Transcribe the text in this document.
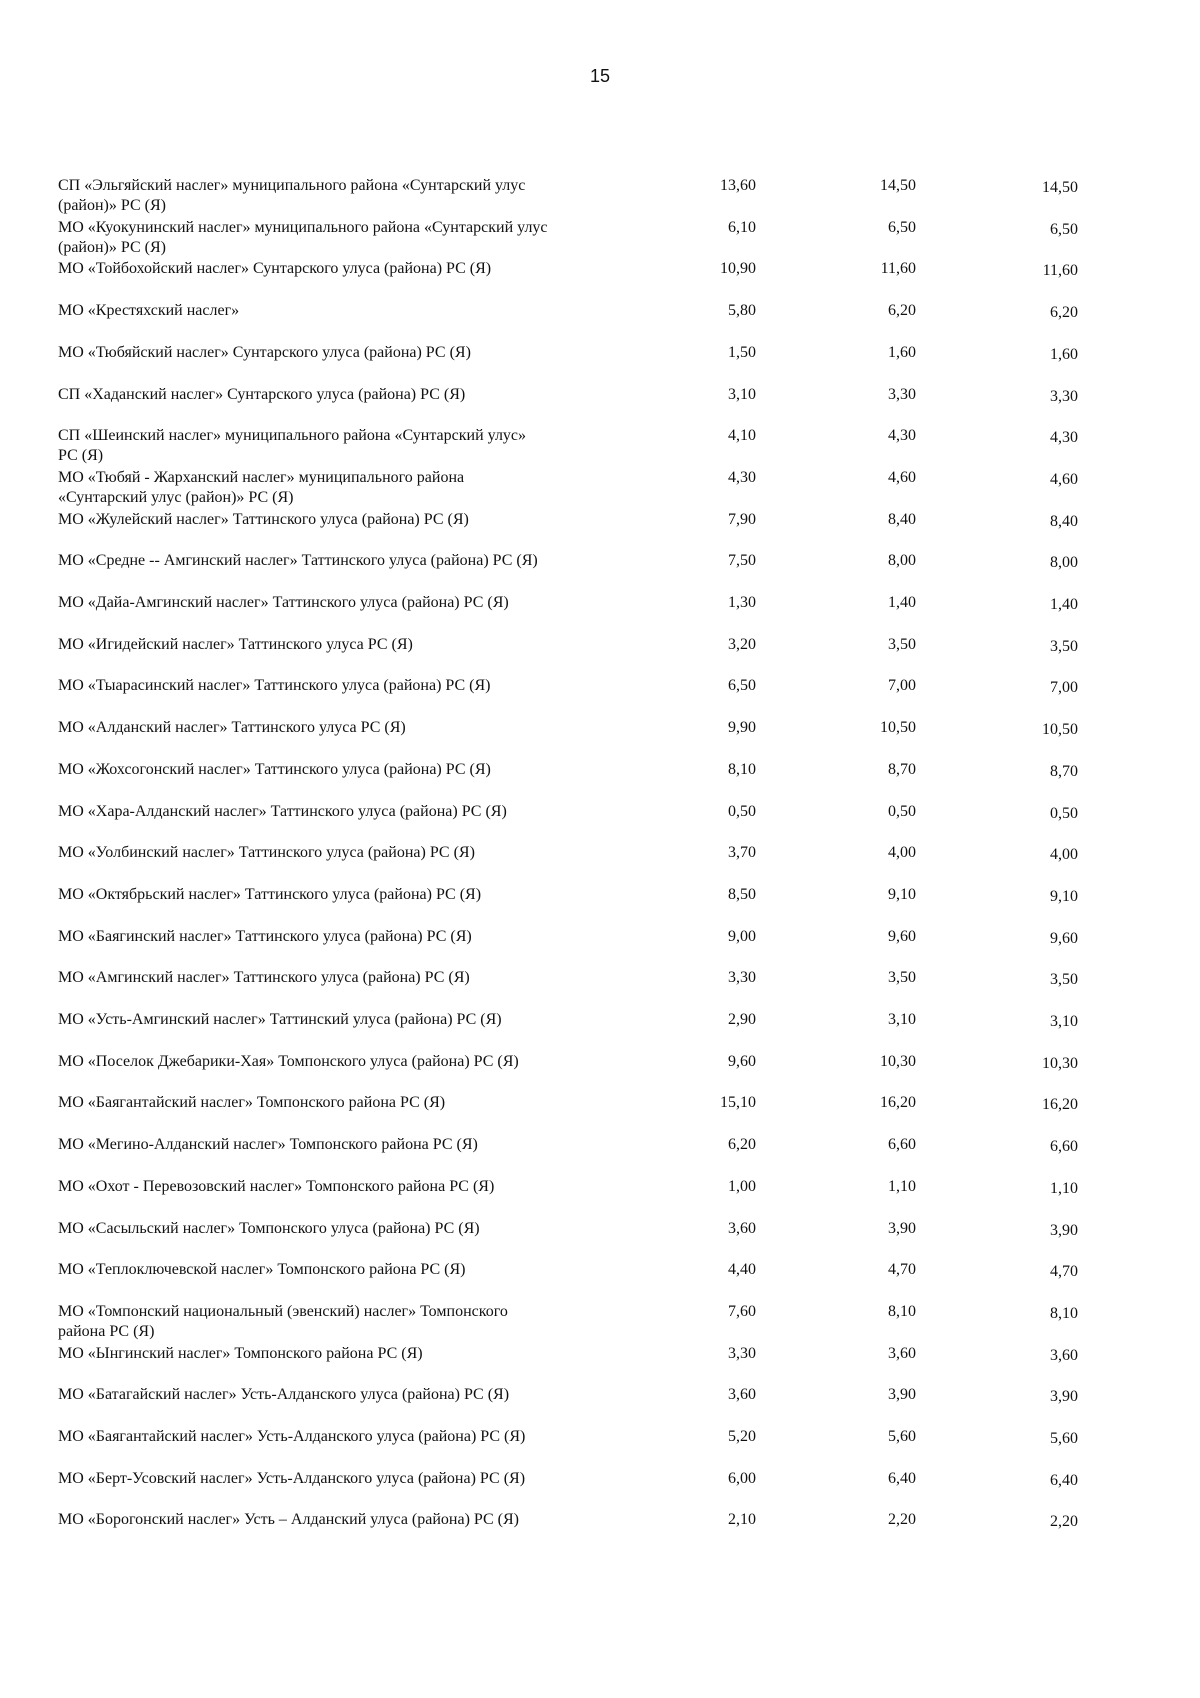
15
СП «Эльгяйский наслег» муниципального района «Сунтарский улус (район)» РС (Я)
13,60	14,50	14,50
МО «Куокунинский наслег» муниципального района «Сунтарский улус (район)» РС (Я)
6,10	6,50	6,50
МО «Тойбохойский наслег» Сунтарского улуса (района) РС (Я)	10,90	11,60	11,60
МО «Крестяхский наслег»	5,80	6,20	6,20
МО «Тюбяйский наслег» Сунтарского улуса (района) РС (Я)	1,50	1,60	1,60
СП «Хаданский наслег» Сунтарского улуса (района) РС (Я)	3,10	3,30	3,30
СП «Шеинский наслег» муниципального района «Сунтарский улус» РС (Я)
4,10	4,30	4,30
МО «Тюбяй - Жарханский наслег» муниципального района «Сунтарский улус (район)» РС (Я)
4,30	4,60	4,60
МО «Жулейский наслег» Таттинского улуса (района) РС (Я)	7,90	8,40	8,40
МО «Средне -- Амгинский наслег» Таттинского улуса (района) РС (Я)	7,50	8,00	8,00
МО «Дайа-Амгинский наслег» Таттинского улуса (района) РС (Я)	1,30	1,40	1,40
МО «Игидейский наслег» Таттинского улуса РС (Я)	3,20	3,50	3,50
МО «Тыарасинский наслег» Таттинского улуса (района) РС (Я)	6,50	7,00	7,00
МО «Алданский наслег» Таттинского улуса РС (Я)	9,90	10,50	10,50
МО «Жохсогонский наслег» Таттинского улуса (района) РС (Я)	8,10	8,70	8,70
МО «Хара-Алданский наслег» Таттинского улуса (района) РС (Я)	0,50	0,50	0,50
МО «Уолбинский наслег» Таттинского улуса (района) РС (Я)	3,70	4,00	4,00
МО «Октябрьский наслег» Таттинского улуса (района) РС (Я)	8,50	9,10	9,10
МО «Баягинский наслег» Таттинского улуса (района) РС (Я)	9,00	9,60	9,60
МО «Амгинский наслег» Таттинского улуса (района) РС (Я)	3,30	3,50	3,50
МО «Усть-Амгинский наслег» Таттинский улуса (района) РС (Я)	2,90	3,10	3,10
МО «Поселок Джебарики-Хая» Томпонского улуса (района) РС (Я)	9,60	10,30	10,30
МО «Баягантайский наслег» Томпонского района РС (Я)	15,10	16,20	16,20
МО «Мегино-Алданский наслег» Томпонского района РС (Я)	6,20	6,60	6,60
МО «Охот - Перевозовский наслег» Томпонского района РС (Я)	1,00	1,10	1,10
МО «Сасыльский наслег» Томпонского улуса (района) РС (Я)	3,60	3,90	3,90
МО «Теплоключевской наслег» Томпонского района РС (Я)	4,40	4,70	4,70
МО «Томпонский национальный (эвенский) наслег» Томпонского района РС (Я)
7,60	8,10	8,10
МО «Ынгинский наслег» Томпонского района РС (Я)	3,30	3,60	3,60
МО «Батагайский наслег» Усть-Алданского улуса (района) РС (Я)	3,60	3,90	3,90
МО «Баягантайский наслег» Усть-Алданского улуса (района) РС (Я)	5,20	5,60	5,60
МО «Берт-Усовский наслег» Усть-Алданского улуса (района) РС (Я)	6,00	6,40	6,40
МО «Борогонский наслег» Усть – Алданский улуса (района) РС (Я)	2,10	2,20	2,20
